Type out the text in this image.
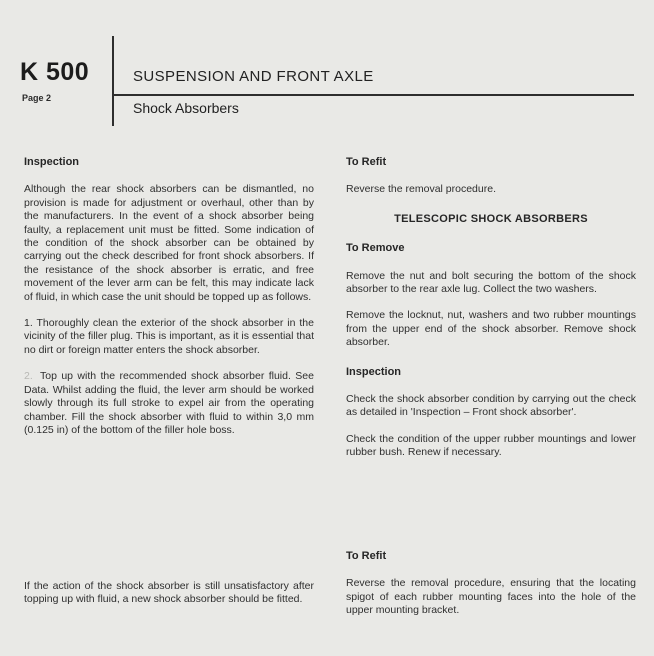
K 500
Page 2
SUSPENSION AND FRONT AXLE
Shock Absorbers
Inspection

Although the rear shock absorbers can be dismantled, no provision is made for adjustment or overhaul, other than by the manufacturers. In the event of a shock absorber being faulty, a replacement unit must be fitted. Some indication of the condition of the shock absorber can be obtained by carrying out the check described for front shock absorbers. If the resistance of the shock absorber is erratic, and free movement of the lever arm can be felt, this may indicate lack of fluid, in which case the unit should be topped up as follows.

1. Thoroughly clean the exterior of the shock absorber in the vicinity of the filler plug. This is important, as it is essential that no dirt or foreign matter enters the shock absorber.

2. Top up with the recommended shock absorber fluid. See Data. Whilst adding the fluid, the lever arm should be worked slowly through its full stroke to expel air from the operating chamber. Fill the shock absorber with fluid to within 3,0 mm (0.125 in) of the bottom of the filler hole boss.

If the action of the shock absorber is still unsatisfactory after topping up with fluid, a new shock absorber should be fitted.

To Refit

Reverse the removal procedure.

TELESCOPIC SHOCK ABSORBERS
To Remove

Remove the nut and bolt securing the bottom of the shock absorber to the rear axle lug. Collect the two washers.

Remove the locknut, nut, washers and two rubber mountings from the upper end of the shock absorber. Remove shock absorber.

Inspection

Check the shock absorber condition by carrying out the check as detailed in 'Inspection – Front shock absorber'.

Check the condition of the upper rubber mountings and lower rubber bush. Renew if necessary.

To Refit

Reverse the removal procedure, ensuring that the locating spigot of each rubber mounting faces into the hole of the upper mounting bracket.
